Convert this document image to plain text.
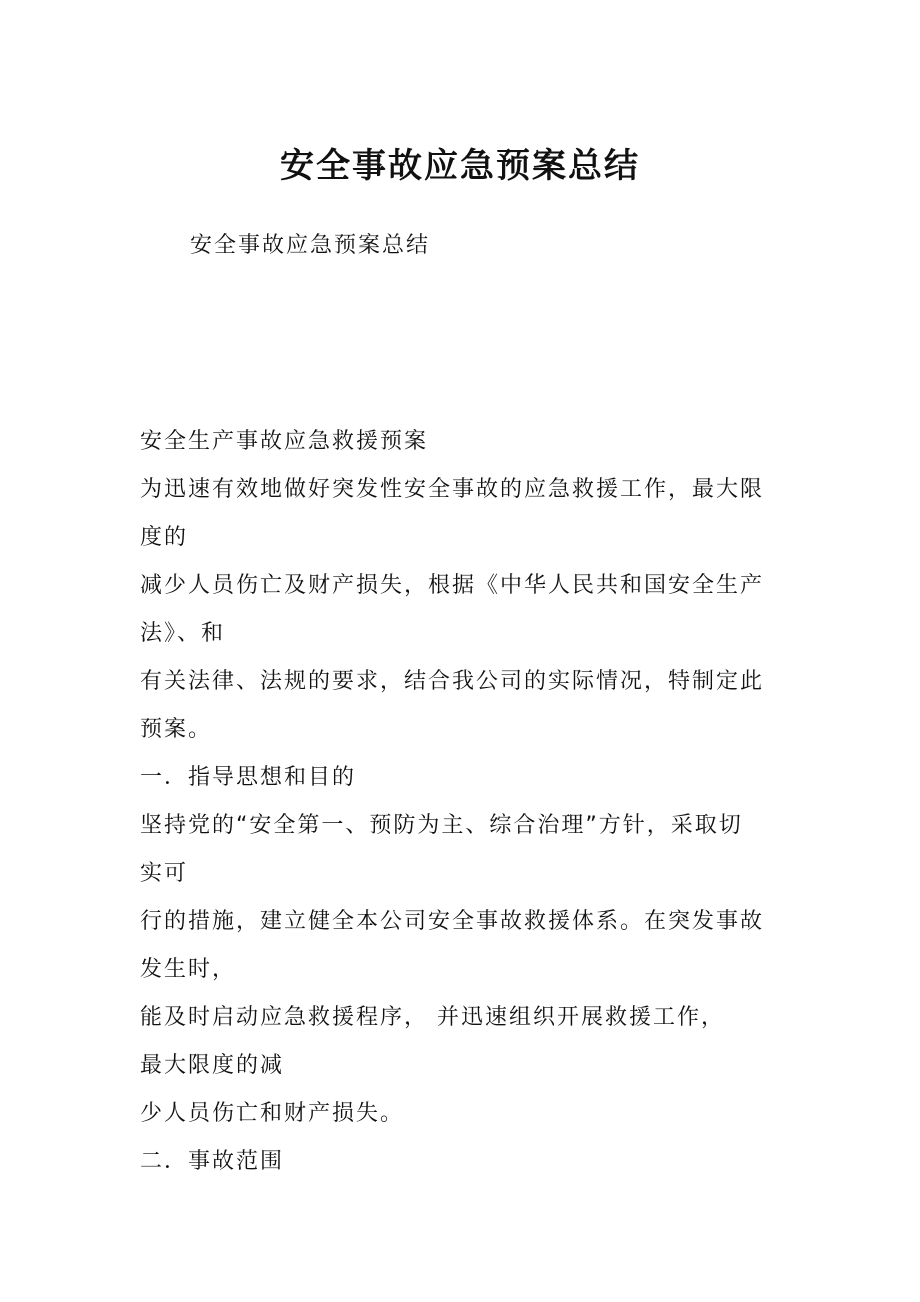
安全事故应急预案总结
安全事故应急预案总结
安全生产事故应急救援预案
为迅速有效地做好突发性安全事故的应急救援工作，最大限
度的
减少人员伤亡及财产损失，根据《中华人民共和国安全生产
法》、和
有关法律、法规的要求，结合我公司的实际情况，特制定此
预案。
一．指导思想和目的
坚持党的“安全第一、预防为主、综合治理”方针，采取切
实可
行的措施，建立健全本公司安全事故救援体系。在突发事故
发生时，
能及时启动应急救援程序， 并迅速组织开展救援工作，
最大限度的减
少人员伤亡和财产损失。
二．事故范围
